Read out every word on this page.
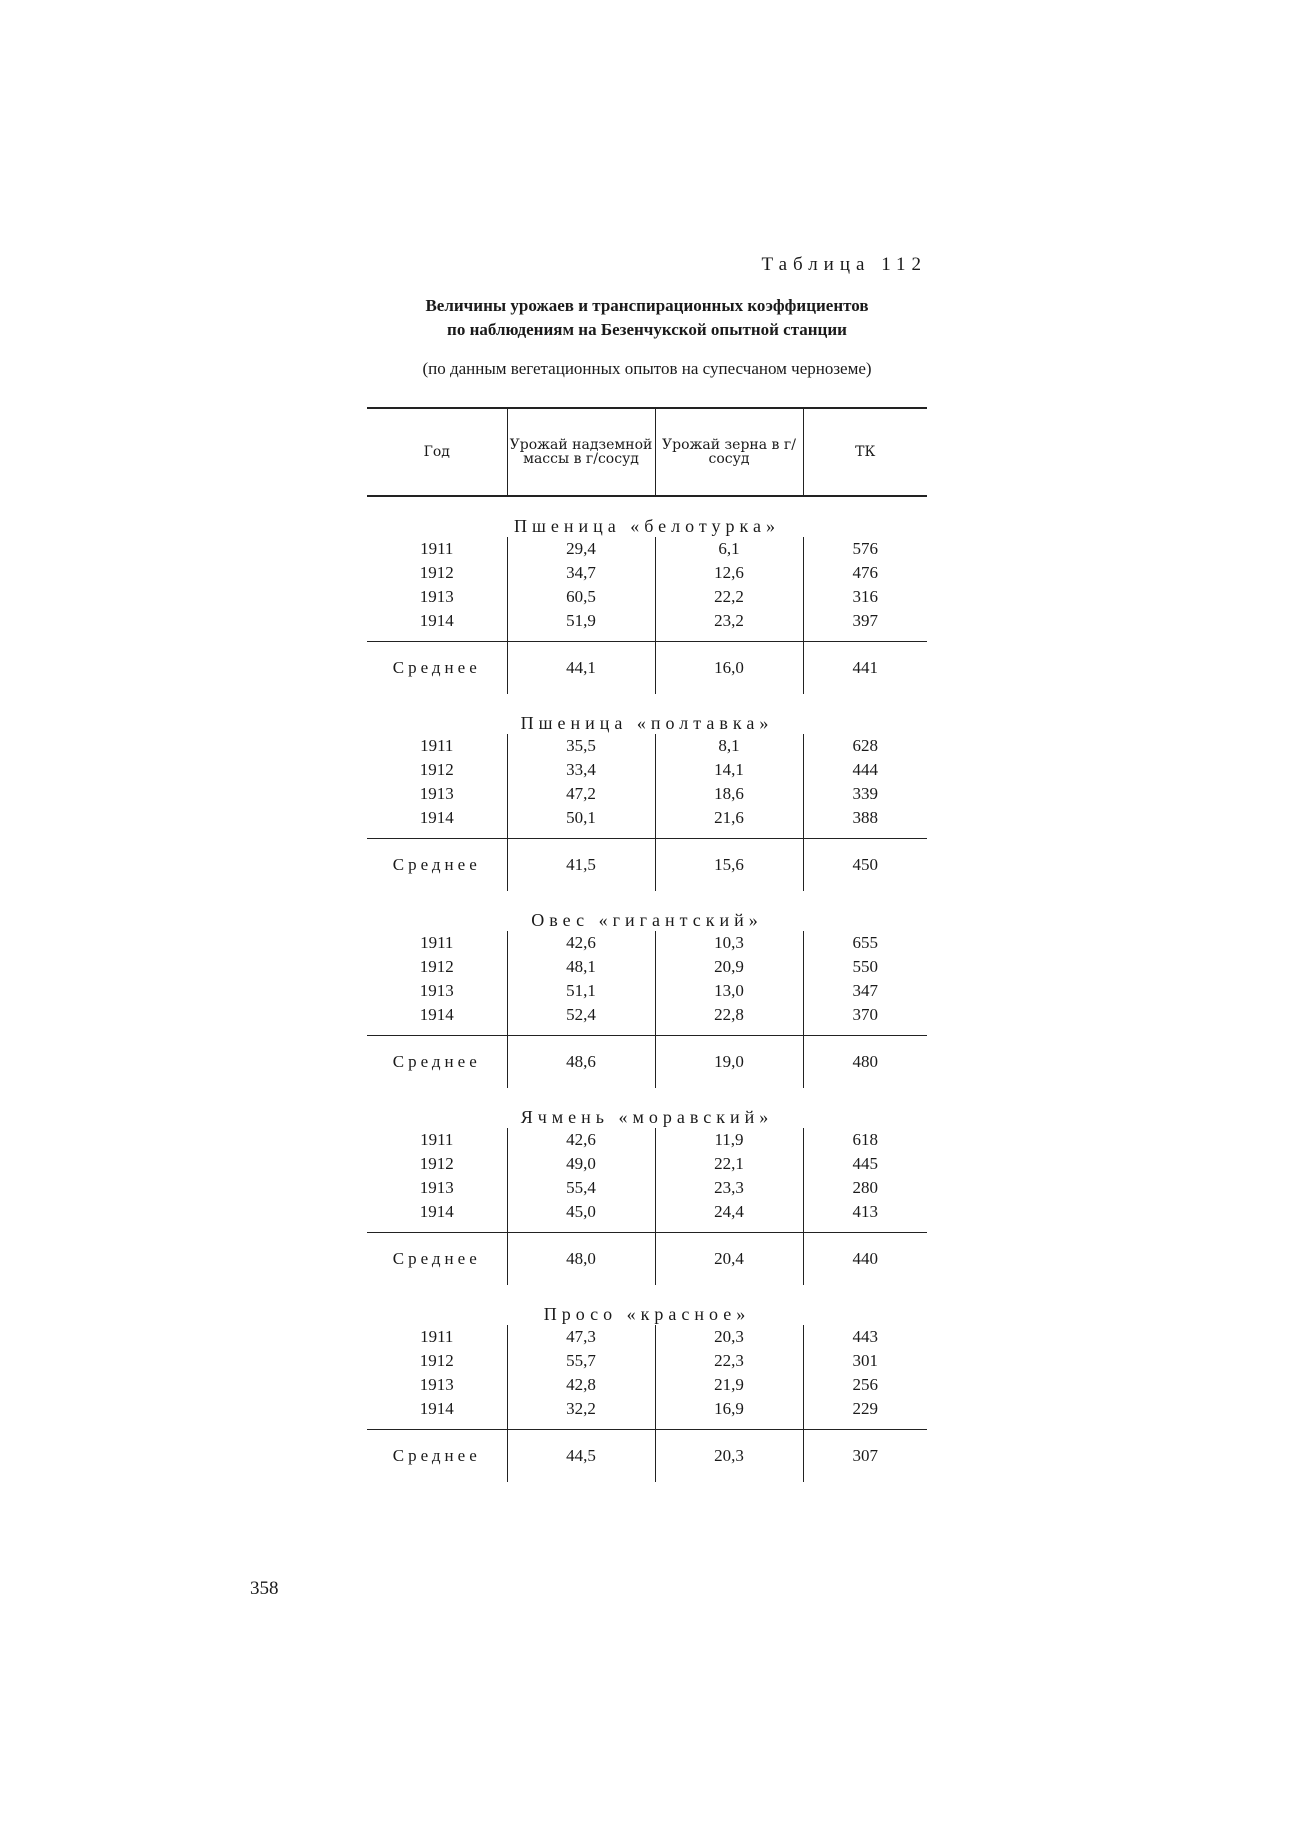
Таблица 112
Величины урожаев и транспирационных коэффициентов
по наблюдениям на Безенчукской опытной станции
(по данным вегетационных опытов на супесчаном черноземе)
Год	Урожай надземной массы в г/сосуд	Урожай зерна в г/сосуд	ТК
Пшеница «белотурка»			
1911	29,4	6,1	576
1912	34,7	12,6	476
1913	60,5	22,2	316
1914	51,9	23,2	397
Среднее	44,1	16,0	441
Пшеница «полтавка»			
1911	35,5	8,1	628
1912	33,4	14,1	444
1913	47,2	18,6	339
1914	50,1	21,6	388
Среднее	41,5	15,6	450
Овес «гигантский»			
1911	42,6	10,3	655
1912	48,1	20,9	550
1913	51,1	13,0	347
1914	52,4	22,8	370
Среднее	48,6	19,0	480
Ячмень «моравский»			
1911	42,6	11,9	618
1912	49,0	22,1	445
1913	55,4	23,3	280
1914	45,0	24,4	413
Среднее	48,0	20,4	440
Просо «красное»			
1911	47,3	20,3	443
1912	55,7	22,3	301
1913	42,8	21,9	256
1914	32,2	16,9	229
Среднее	44,5	20,3	307
358
